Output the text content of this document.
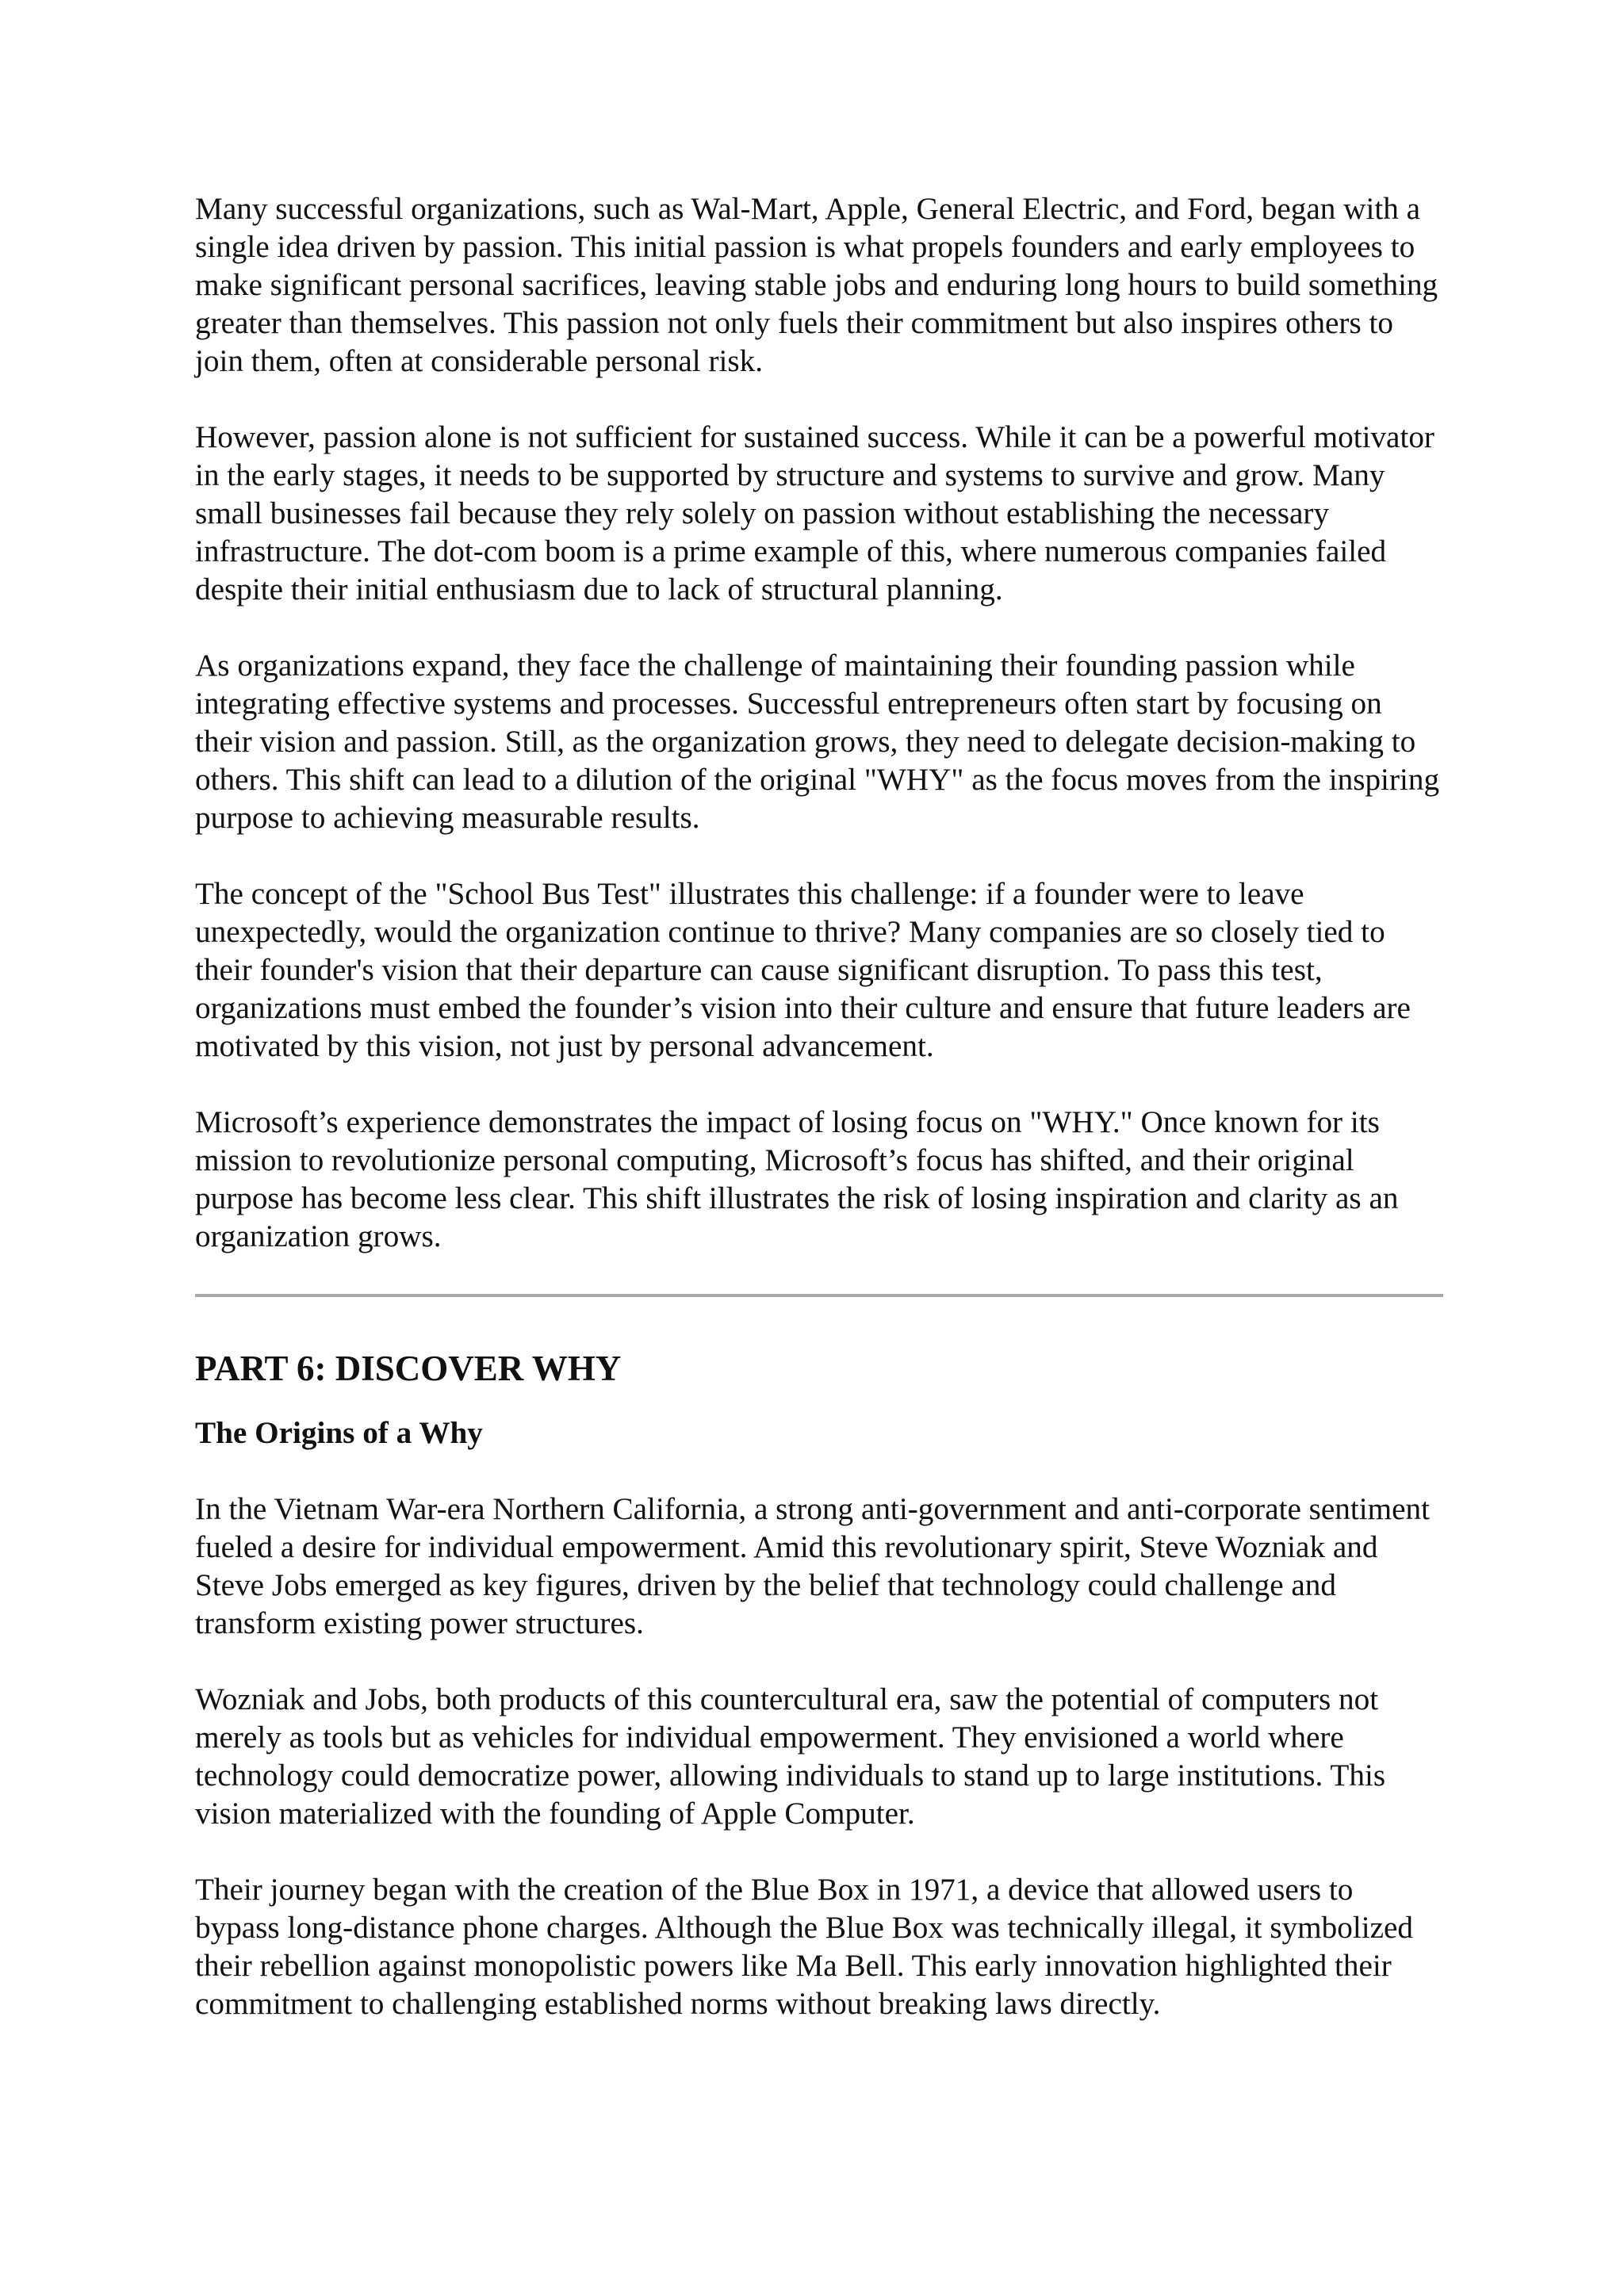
Many successful organizations, such as Wal-Mart, Apple, General Electric, and Ford, began with a single idea driven by passion. This initial passion is what propels founders and early employees to make significant personal sacrifices, leaving stable jobs and enduring long hours to build something greater than themselves. This passion not only fuels their commitment but also inspires others to join them, often at considerable personal risk.

However, passion alone is not sufficient for sustained success. While it can be a powerful motivator in the early stages, it needs to be supported by structure and systems to survive and grow. Many small businesses fail because they rely solely on passion without establishing the necessary infrastructure. The dot-com boom is a prime example of this, where numerous companies failed despite their initial enthusiasm due to lack of structural planning.

As organizations expand, they face the challenge of maintaining their founding passion while integrating effective systems and processes. Successful entrepreneurs often start by focusing on their vision and passion. Still, as the organization grows, they need to delegate decision-making to others. This shift can lead to a dilution of the original "WHY" as the focus moves from the inspiring purpose to achieving measurable results.

The concept of the "School Bus Test" illustrates this challenge: if a founder were to leave unexpectedly, would the organization continue to thrive? Many companies are so closely tied to their founder's vision that their departure can cause significant disruption. To pass this test, organizations must embed the founder’s vision into their culture and ensure that future leaders are motivated by this vision, not just by personal advancement.

Microsoft’s experience demonstrates the impact of losing focus on "WHY." Once known for its mission to revolutionize personal computing, Microsoft’s focus has shifted, and their original purpose has become less clear. This shift illustrates the risk of losing inspiration and clarity as an organization grows.

PART 6: DISCOVER WHY
The Origins of a Why

In the Vietnam War-era Northern California, a strong anti-government and anti-corporate sentiment fueled a desire for individual empowerment. Amid this revolutionary spirit, Steve Wozniak and Steve Jobs emerged as key figures, driven by the belief that technology could challenge and transform existing power structures.

Wozniak and Jobs, both products of this countercultural era, saw the potential of computers not merely as tools but as vehicles for individual empowerment. They envisioned a world where technology could democratize power, allowing individuals to stand up to large institutions. This vision materialized with the founding of Apple Computer.

Their journey began with the creation of the Blue Box in 1971, a device that allowed users to bypass long-distance phone charges. Although the Blue Box was technically illegal, it symbolized their rebellion against monopolistic powers like Ma Bell. This early innovation highlighted their commitment to challenging established norms without breaking laws directly.
